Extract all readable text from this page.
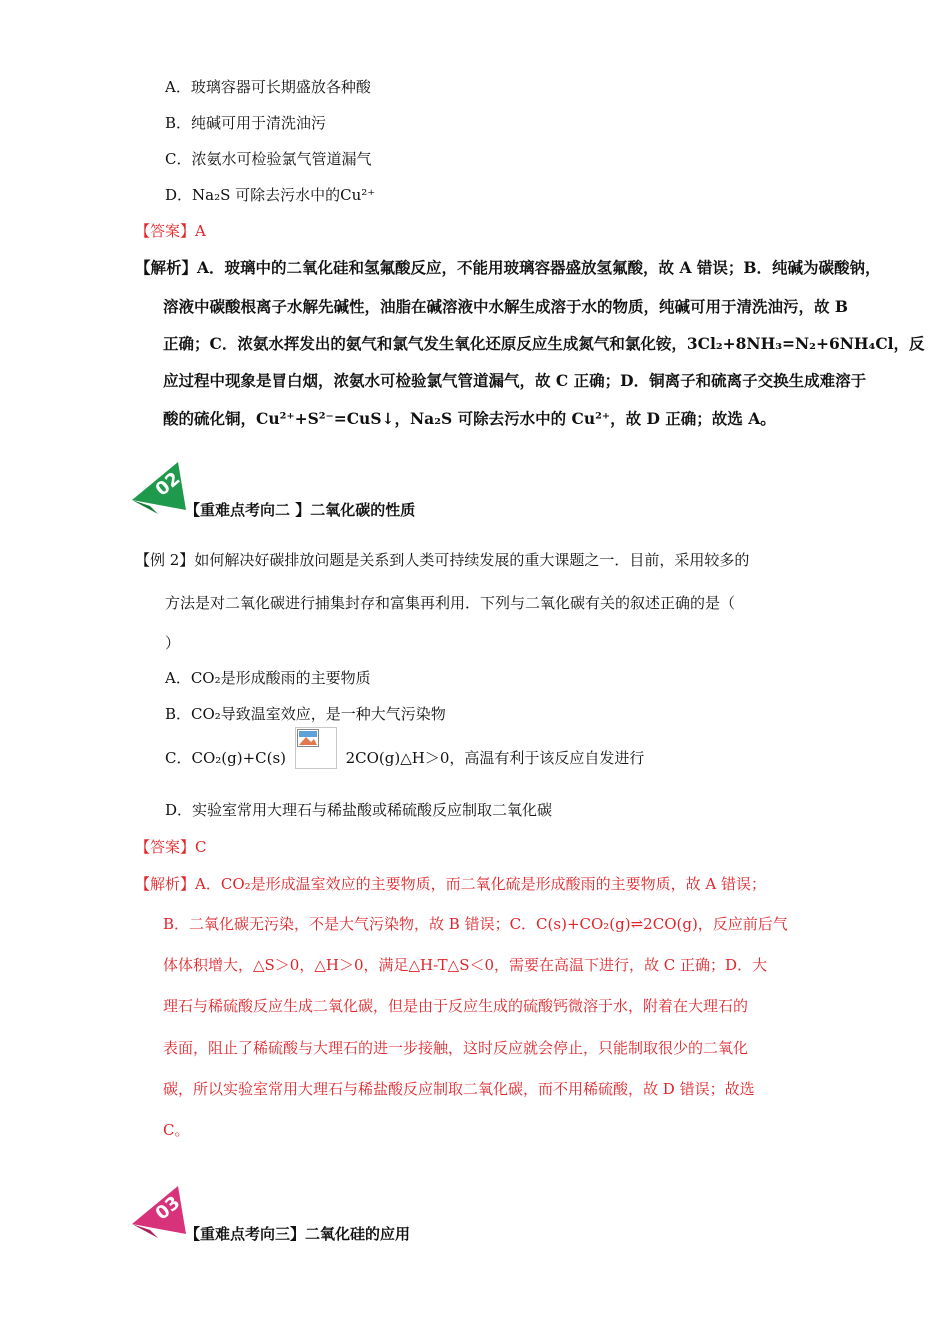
A．玻璃容器可长期盛放各种酸
B．纯碱可用于清洗油污
C．浓氨水可检验氯气管道漏气
D．Na₂S 可除去污水中的Cu²⁺
【答案】A
【解析】A．玻璃中的二氧化硅和氢氟酸反应，不能用玻璃容器盛放氢氟酸，故 A 错误；B．纯碱为碳酸钠，
溶液中碳酸根离子水解先碱性，油脂在碱溶液中水解生成溶于水的物质，纯碱可用于清洗油污，故 B
正确；C．浓氨水挥发出的氨气和氯气发生氧化还原反应生成氮气和氯化铵，3Cl₂+8NH₃=N₂+6NH₄Cl，反
应过程中现象是冒白烟，浓氨水可检验氯气管道漏气，故 C 正确；D．铜离子和硫离子交换生成难溶于
酸的硫化铜，Cu²⁺+S²⁻=CuS↓，Na₂S 可除去污水中的 Cu²⁺，故 D 正确；故选 A。
02
【重难点考向二 】二氧化碳的性质
【例 2】如何解决好碳排放问题是关系到人类可持续发展的重大课题之一．目前，采用较多的
方法是对二氧化碳进行捕集封存和富集再利用．下列与二氧化碳有关的叙述正确的是（
）
A．CO₂是形成酸雨的主要物质
B．CO₂导致温室效应，是一种大气污染物
C．CO₂(g)+C(s)	2CO(g)△H＞0，高温有利于该反应自发进行
D．实验室常用大理石与稀盐酸或稀硫酸反应制取二氧化碳
【答案】C
【解析】A．CO₂是形成温室效应的主要物质，而二氧化硫是形成酸雨的主要物质，故 A 错误；
B．二氧化碳无污染，不是大气污染物，故 B 错误；C．C(s)+CO₂(g)⇌2CO(g)，反应前后气
体体积增大，△S＞0，△H＞0，满足△H-T△S＜0，需要在高温下进行，故 C 正确；D．大
理石与稀硫酸反应生成二氧化碳，但是由于反应生成的硫酸钙微溶于水，附着在大理石的
表面，阻止了稀硫酸与大理石的进一步接触，这时反应就会停止，只能制取很少的二氧化
碳，所以实验室常用大理石与稀盐酸反应制取二氧化碳，而不用稀硫酸，故 D 错误；故选
C。
03
【重难点考向三】二氧化硅的应用
